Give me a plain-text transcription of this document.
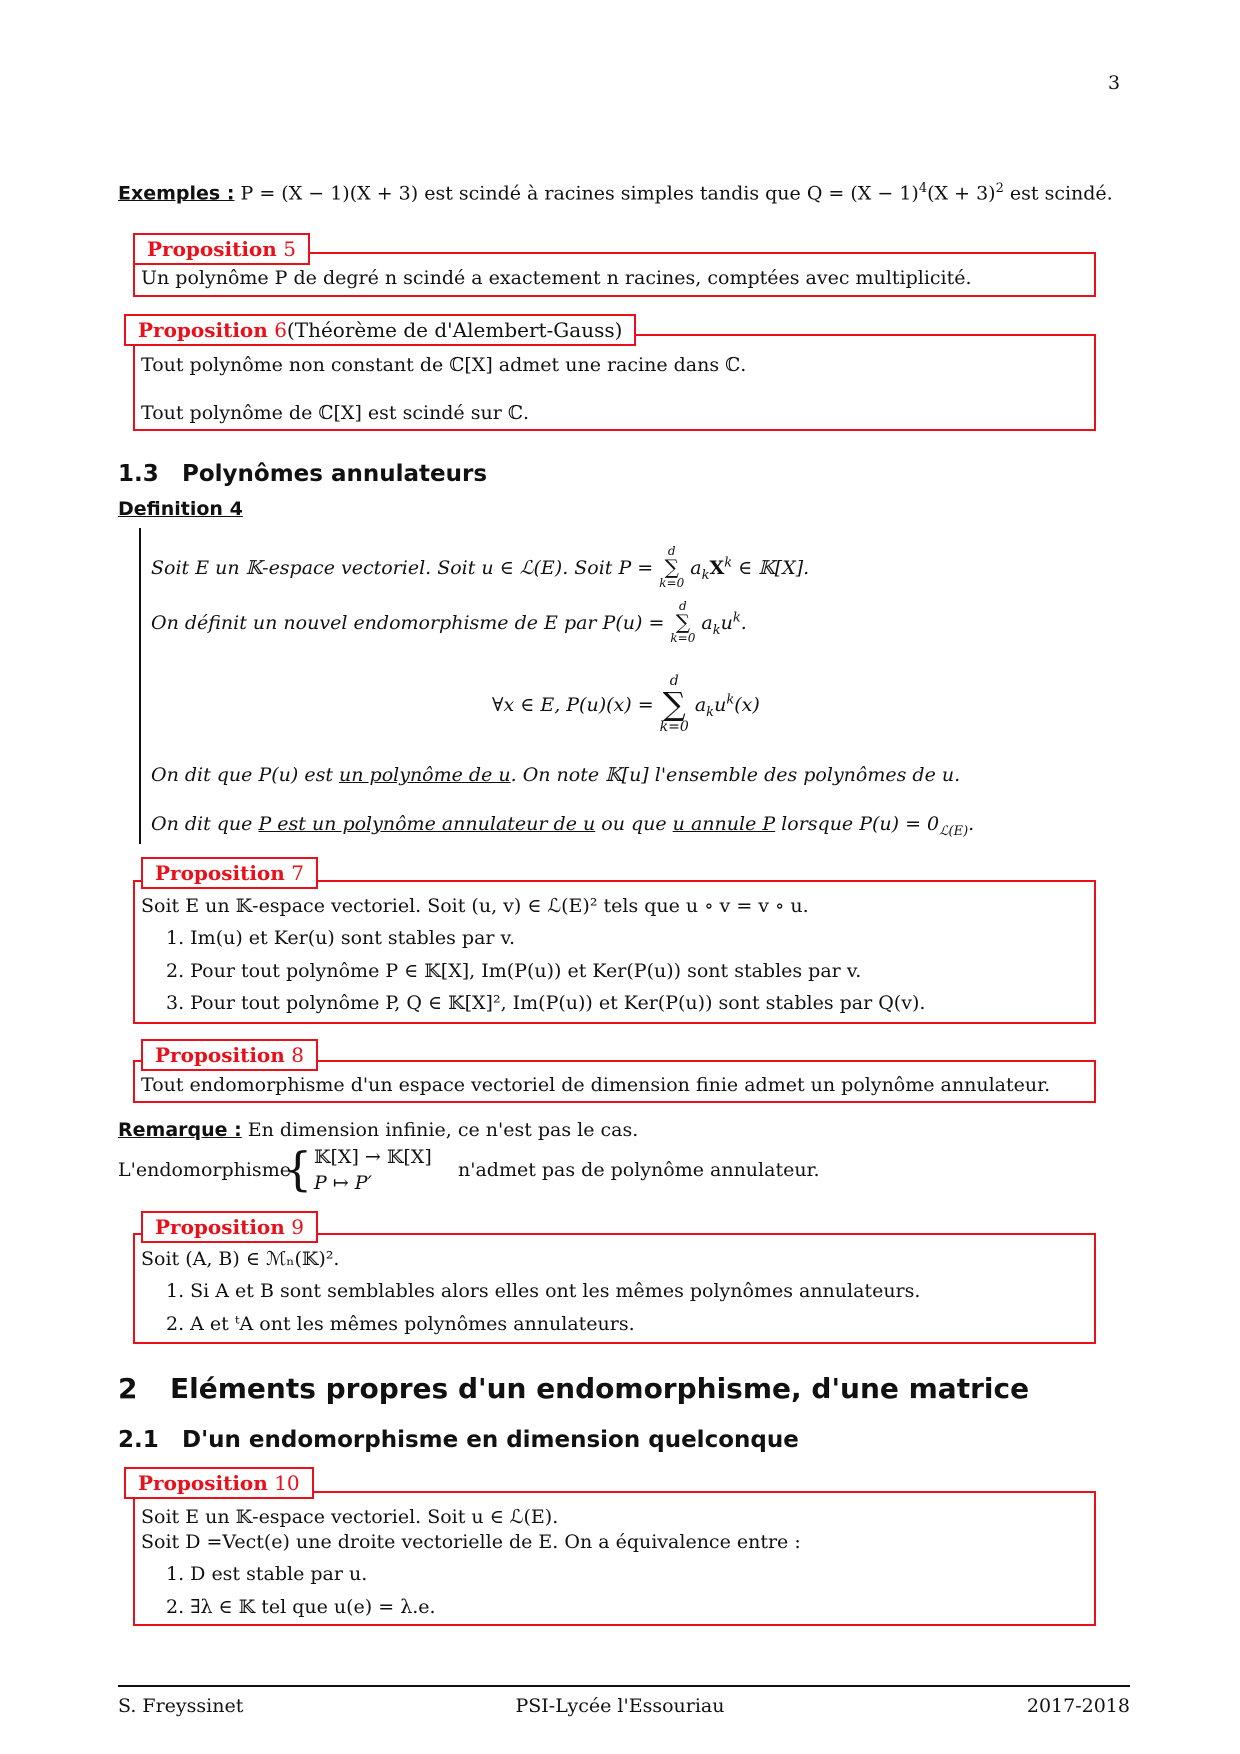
3
Exemples : P = (X − 1)(X + 3) est scindé à racines simples tandis que $Q = (X - 1)^4(X + 3)^2$ est scindé.
Proposition 5
Un polynôme P de degré n scindé a exactement n racines, comptées avec multiplicité.
Proposition 6(Théorème de d'Alembert-Gauss)
Tout polynôme non constant de ℂ[X] admet une racine dans ℂ.
Tout polynôme de ℂ[X] est scindé sur ℂ.
1.3 Polynômes annulateurs
Definition 4
Soit E un 𝕂-espace vectoriel. Soit u ∈ ℒ(E). Soit P =
d
∑
k=0
$a_kX^k$ ∈ 𝕂[X].
On définit un nouvel endomorphisme de E par P(u) =
d
∑
k=0
$a_ku^k$.
∀x ∈ E, P(u)(x) =
d
∑
k=0
$a_ku^k(x)$
On dit que P(u) est un polynôme de u. On note 𝕂[u] l'ensemble des polynômes de u.
On dit que P est un polynôme annulateur de u ou que u annule P lorsque $P(u) = 0_{ℒ(E)}$.
Proposition 7
Soit E un 𝕂-espace vectoriel. Soit (u, v) ∈ ℒ(E)² tels que u ∘ v = v ∘ u.
1. Im(u) et Ker(u) sont stables par v.
2. Pour tout polynôme P ∈ 𝕂[X], Im(P(u)) et Ker(P(u)) sont stables par v.
3. Pour tout polynôme P, Q ∈ 𝕂[X]², Im(P(u)) et Ker(P(u)) sont stables par Q(v).
Proposition 8
Tout endomorphisme d'un espace vectoriel de dimension finie admet un polynôme annulateur.
Remarque : En dimension infinie, ce n'est pas le cas.
L'endomorphisme
{ 𝕂[X] → 𝕂[X]
P ↦ P′
n'admet pas de polynôme annulateur.
Proposition 9
Soit (A, B) ∈ ℳₙ(𝕂)².
1. Si A et B sont semblables alors elles ont les mêmes polynômes annulateurs.
2. A et ᵗA ont les mêmes polynômes annulateurs.
2 Eléments propres d'un endomorphisme, d'une matrice
2.1 D'un endomorphisme en dimension quelconque
Proposition 10
Soit E un 𝕂-espace vectoriel. Soit u ∈ ℒ(E).
Soit D =Vect(e) une droite vectorielle de E. On a équivalence entre :
1. D est stable par u.
2. ∃λ ∈ 𝕂 tel que u(e) = λ.e.
S. Freyssinet	PSI-Lycée l'Essouriau	2017-2018
